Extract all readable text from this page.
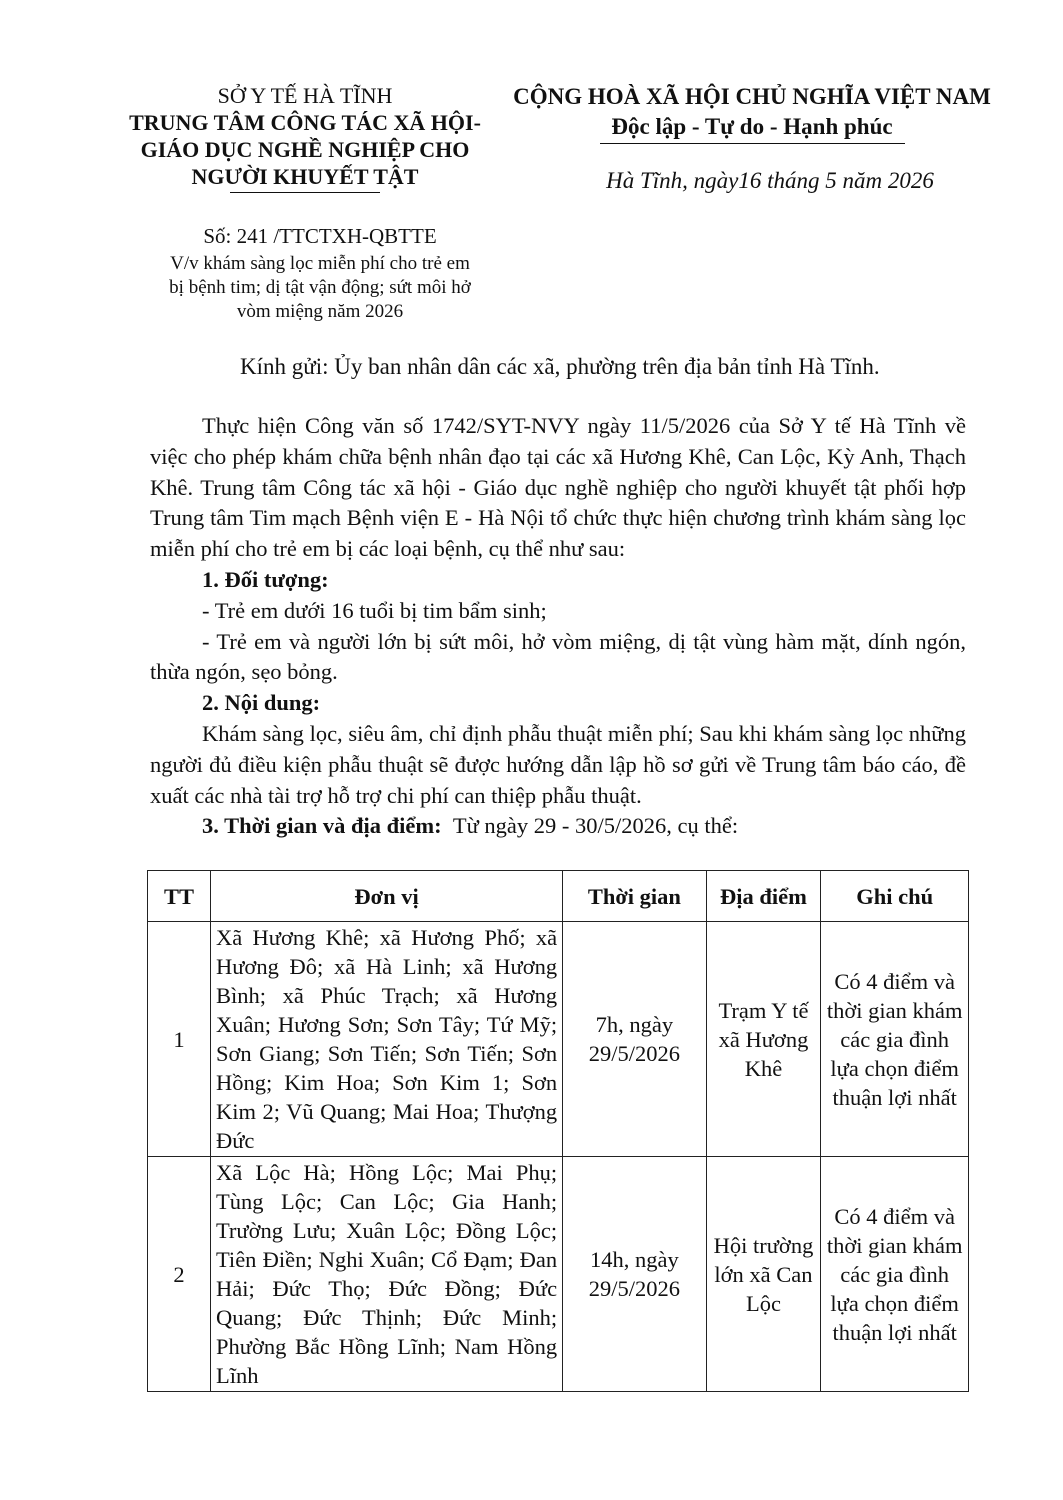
SỞ Y TẾ HÀ TĨNH
TRUNG TÂM CÔNG TÁC XÃ HỘI-
GIÁO DỤC NGHỀ NGHIỆP CHO
NGƯỜI KHUYẾT TẬT
CỘNG HOÀ XÃ HỘI CHỦ NGHĨA VIỆT NAM
Độc lập - Tự do - Hạnh phúc
Hà Tĩnh, ngày16 tháng 5 năm 2026
Số: 241 /TTCTXH-QBTTE
V/v khám sàng lọc miễn phí cho trẻ em
bị bệnh tim; dị tật vận động; sứt môi hở
vòm miệng năm 2026
Kính gửi: Ủy ban nhân dân các xã, phường trên địa bản tỉnh Hà Tĩnh.

Thực hiện Công văn số 1742/SYT-NVY ngày 11/5/2026 của Sở Y tế Hà Tĩnh về việc cho phép khám chữa bệnh nhân đạo tại các xã Hương Khê, Can Lộc, Kỳ Anh, Thạch Khê. Trung tâm Công tác xã hội - Giáo dục nghề nghiệp cho người khuyết tật phối hợp Trung tâm Tim mạch Bệnh viện E - Hà Nội tổ chức thực hiện chương trình khám sàng lọc miễn phí cho trẻ em bị các loại bệnh, cụ thể như sau:

1. Đối tượng:

- Trẻ em dưới 16 tuổi bị tim bẩm sinh;

- Trẻ em và người lớn bị sứt môi, hở vòm miệng, dị tật vùng hàm mặt, dính ngón, thừa ngón, sẹo bỏng.

2. Nội dung:

Khám sàng lọc, siêu âm, chỉ định phẫu thuật miễn phí; Sau khi khám sàng lọc những người đủ điều kiện phẫu thuật sẽ được hướng dẫn lập hồ sơ gửi về Trung tâm báo cáo, đề xuất các nhà tài trợ hỗ trợ chi phí can thiệp phẫu thuật.

3. Thời gian và địa điểm: Từ ngày 29 - 30/5/2026, cụ thể:

TT	Đơn vị	Thời gian	Địa điểm	Ghi chú
1	Xã Hương Khê; xã Hương Phố; xã Hương Đô; xã Hà Linh; xã Hương Bình; xã Phúc Trạch; xã Hương Xuân; Hương Sơn; Sơn Tây; Tứ Mỹ; Sơn Giang; Sơn Tiến; Sơn Tiến; Sơn Hồng; Kim Hoa; Sơn Kim 1; Sơn Kim 2; Vũ Quang; Mai Hoa; Thượng Đức	7h, ngày 29/5/2026	Trạm Y tế xã Hương Khê	Có 4 điểm và thời gian khám các gia đình lựa chọn điểm thuận lợi nhất
2	Xã Lộc Hà; Hồng Lộc; Mai Phụ; Tùng Lộc; Can Lộc; Gia Hanh; Trường Lưu; Xuân Lộc; Đồng Lộc; Tiên Điền; Nghi Xuân; Cổ Đạm; Đan Hải; Đức Thọ; Đức Đồng; Đức Quang; Đức Thịnh; Đức Minh; Phường Bắc Hồng Lĩnh; Nam Hồng Lĩnh	14h, ngày 29/5/2026	Hội trường lớn xã Can Lộc	Có 4 điểm và thời gian khám các gia đình lựa chọn điểm thuận lợi nhất
